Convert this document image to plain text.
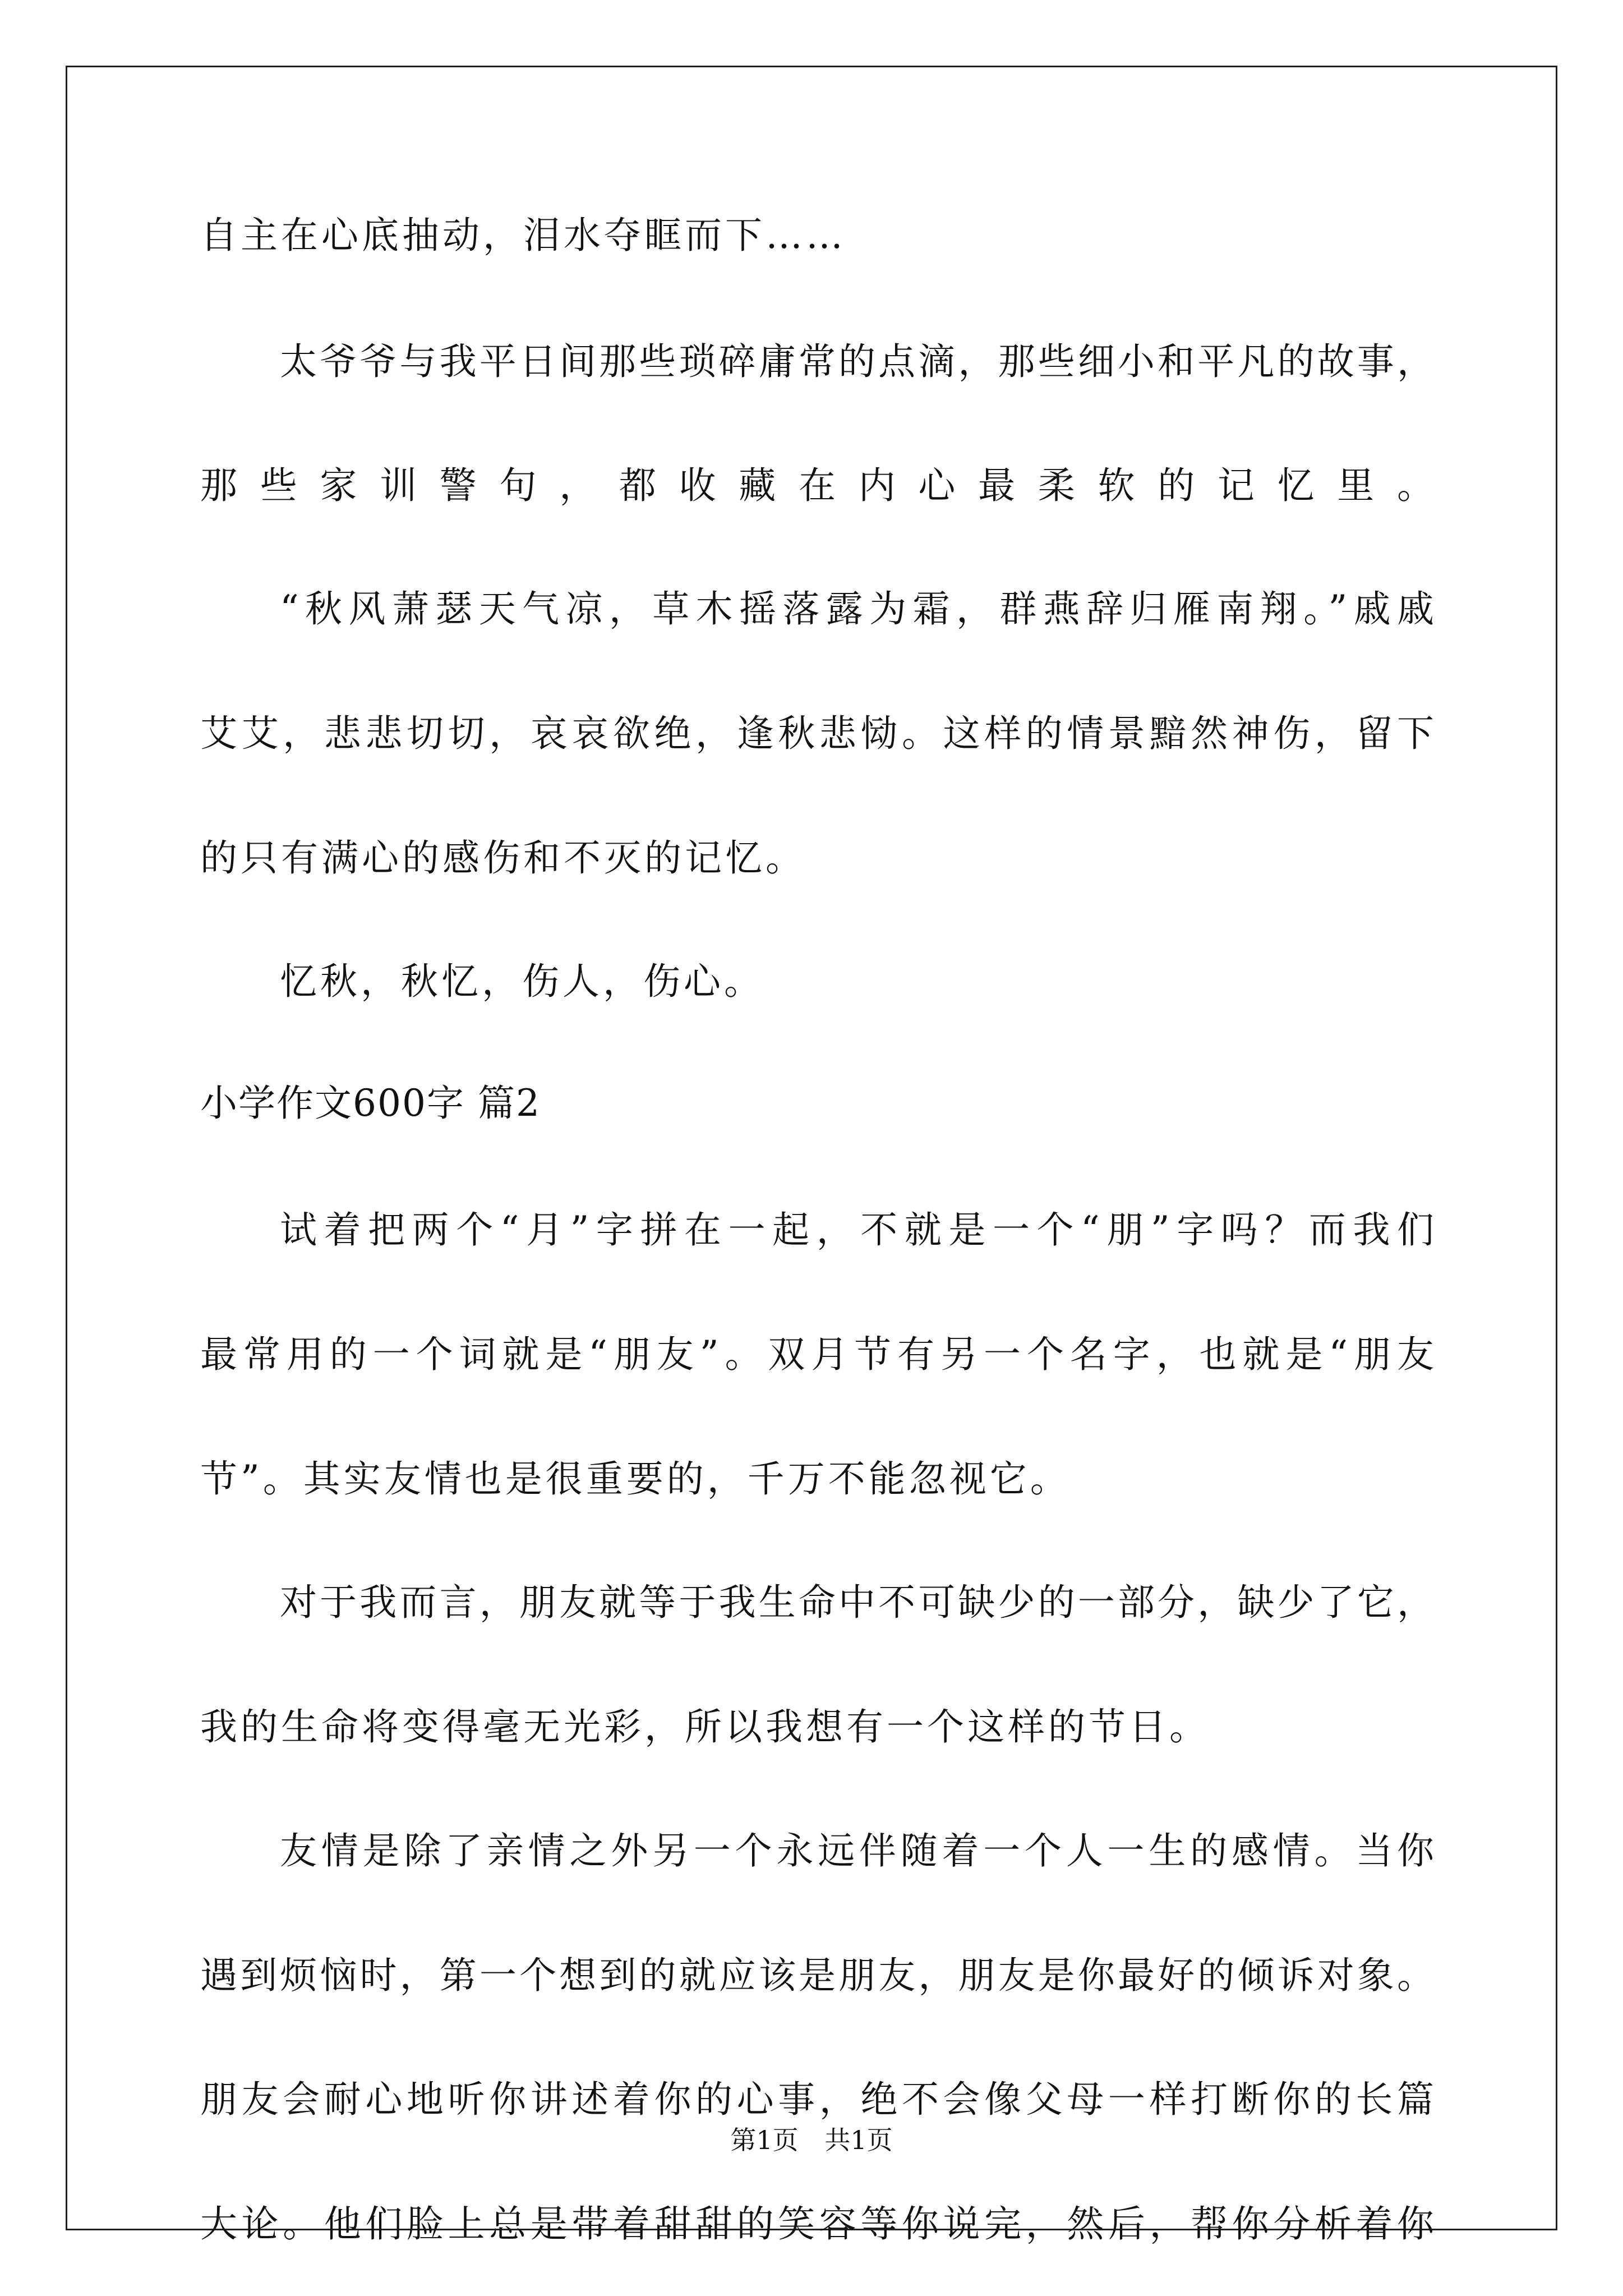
自主在心底抽动，泪水夺眶而下……
太爷爷与我平日间那些琐碎庸常的点滴，那些细小和平凡的故事，
那些家训警句，都收藏在内心最柔软的记忆里。
“秋风萧瑟天气凉，草木摇落露为霜，群燕辞归雁南翔。”戚戚
艾艾，悲悲切切，哀哀欲绝，逢秋悲恸。这样的情景黯然神伤，留下
的只有满心的感伤和不灭的记忆。
忆秋，秋忆，伤人，伤心。
小学作文600字 篇2
试着把两个“月”字拼在一起，不就是一个“朋”字吗？而我们
最常用的一个词就是“朋友”。双月节有另一个名字，也就是“朋友
节”。其实友情也是很重要的，千万不能忽视它。
对于我而言，朋友就等于我生命中不可缺少的一部分，缺少了它，
我的生命将变得毫无光彩，所以我想有一个这样的节日。
友情是除了亲情之外另一个永远伴随着一个人一生的感情。当你
遇到烦恼时，第一个想到的就应该是朋友，朋友是你最好的倾诉对象。
朋友会耐心地听你讲述着你的心事，绝不会像父母一样打断你的长篇
大论。他们脸上总是带着甜甜的笑容等你说完，然后，帮你分析着你
第1页 共1页
